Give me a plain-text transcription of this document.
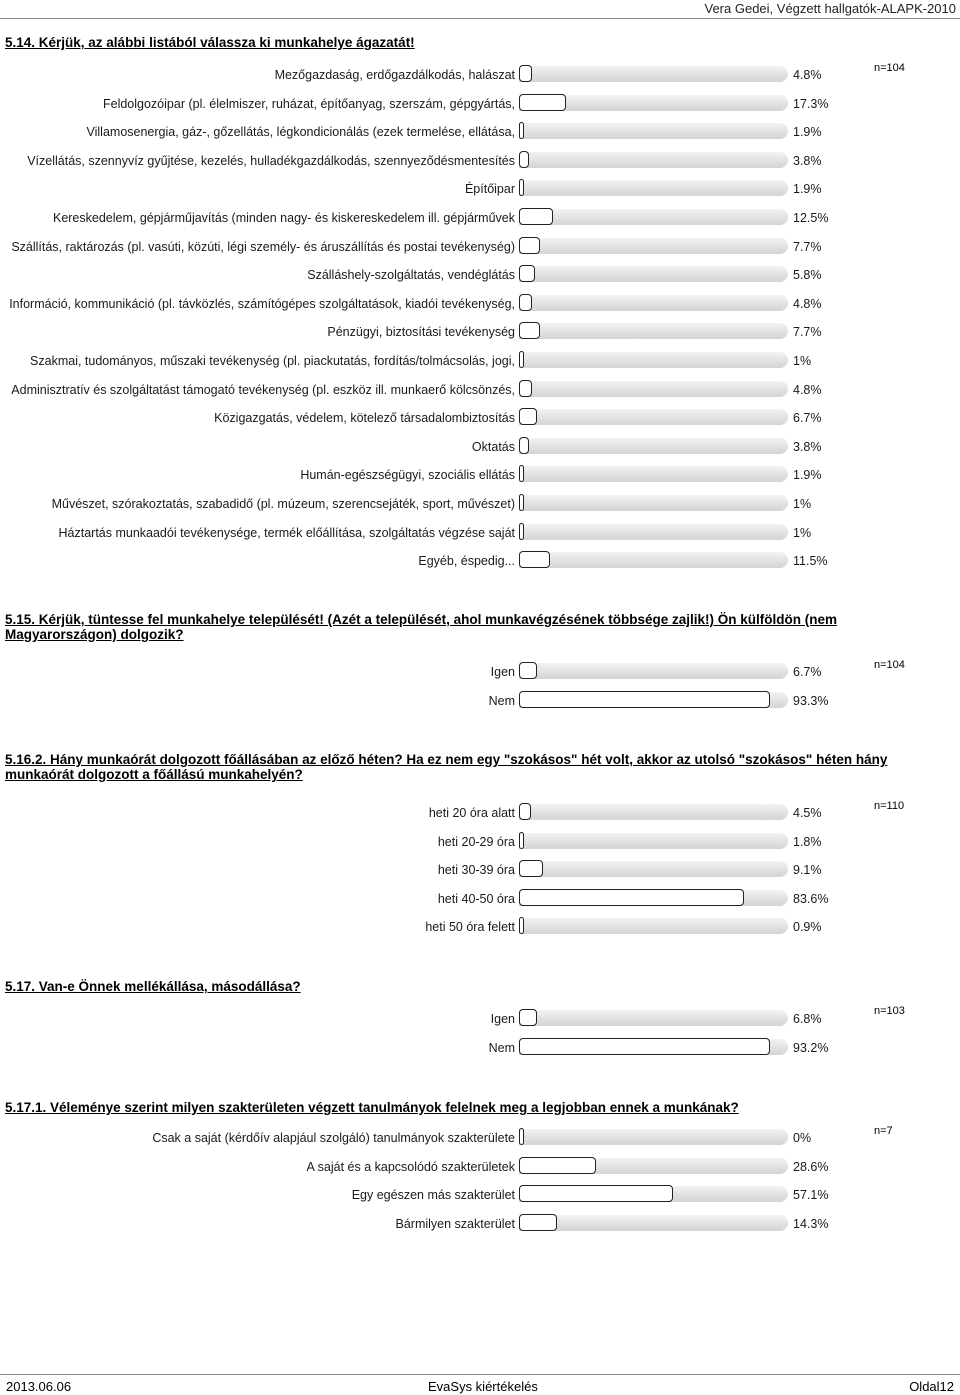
Vera Gedei, Végzett hallgatók-ALAPK-2010
5.14. Kérjük, az alábbi listából válassza ki munkahelye ágazatát!
n=104
Mezőgazdaság, erdőgazdálkodás, halászat	4.8%
Feldolgozóipar (pl. élelmiszer, ruházat, építőanyag, szerszám, gépgyártás,	17.3%
Villamosenergia, gáz-, gőzellátás, légkondicionálás (ezek termelése, ellátása,	1.9%
Vízellátás, szennyvíz gyűjtése, kezelés, hulladékgazdálkodás, szennyeződésmentesítés	3.8%
Építőipar	1.9%
Kereskedelem, gépjárműjavítás (minden nagy- és kiskereskedelem ill. gépjárművek	12.5%
Szállítás, raktározás (pl. vasúti, közúti, légi személy- és áruszállítás és postai tevékenység)	7.7%
Szálláshely-szolgáltatás, vendéglátás	5.8%
Információ, kommunikáció (pl. távközlés, számítógépes szolgáltatások, kiadói tevékenység,	4.8%
Pénzügyi, biztosítási tevékenység	7.7%
Szakmai, tudományos, műszaki tevékenység (pl. piackutatás, fordítás/tolmácsolás, jogi,	1%
Adminisztratív és szolgáltatást támogató tevékenység (pl. eszköz ill. munkaerő kölcsönzés,	4.8%
Közigazgatás, védelem, kötelező társadalombiztosítás	6.7%
Oktatás	3.8%
Humán-egészségügyi, szociális ellátás	1.9%
Művészet, szórakoztatás, szabadidő (pl. múzeum, szerencsejáték, sport, művészet)	1%
Háztartás munkaadói tevékenysége, termék előállítása, szolgáltatás végzése saját	1%
Egyéb, éspedig...	11.5%
5.15. Kérjük, tüntesse fel munkahelye települését! (Azét a települését, ahol munkavégzésének többsége zajlik!) Ön külföldön (nem Magyarországon) dolgozik?
n=104
Igen	6.7%
Nem	93.3%
5.16.2. Hány munkaórát dolgozott főállásában az előző héten? Ha ez nem egy "szokásos" hét volt, akkor az utolsó "szokásos" héten hány munkaórát dolgozott a főállású munkahelyén?
n=110
heti 20 óra alatt	4.5%
heti 20-29 óra	1.8%
heti 30-39 óra	9.1%
heti 40-50 óra	83.6%
heti 50 óra felett	0.9%
5.17. Van-e Önnek mellékállása, másodállása?
n=103
Igen	6.8%
Nem	93.2%
5.17.1. Véleménye szerint milyen szakterületen végzett tanulmányok felelnek meg a legjobban ennek a munkának?
n=7
Csak a saját (kérdőív alapjául szolgáló) tanulmányok szakterülete	0%
A saját és a kapcsolódó szakterületek	28.6%
Egy egészen más szakterület	57.1%
Bármilyen szakterület	14.3%
2013.06.06	EvaSys kiértékelés	Oldal12
